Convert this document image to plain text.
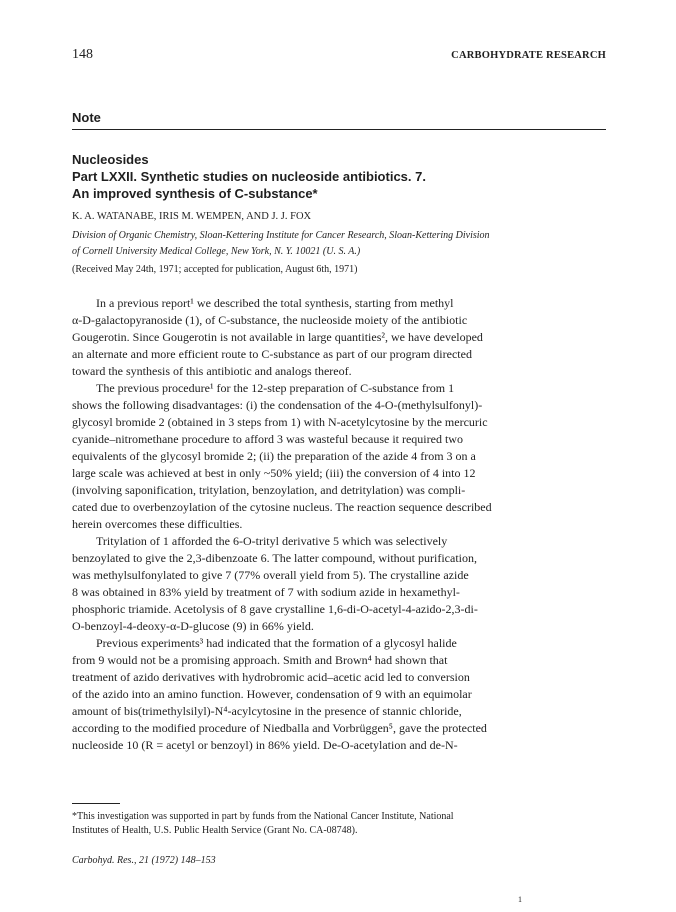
148	CARBOHYDRATE RESEARCH
Note
Nucleosides
Part LXXII. Synthetic studies on nucleoside antibiotics. 7.
An improved synthesis of C-substance*
K. A. WATANABE, IRIS M. WEMPEN, AND J. J. FOX
Division of Organic Chemistry, Sloan-Kettering Institute for Cancer Research, Sloan-Kettering Division
of Cornell University Medical College, New York, N. Y. 10021 (U. S. A.)
(Received May 24th, 1971; accepted for publication, August 6th, 1971)
In a previous report¹ we described the total synthesis, starting from methyl
α-D-galactopyranoside (1), of C-substance, the nucleoside moiety of the antibiotic
Gougerotin. Since Gougerotin is not available in large quantities², we have developed
an alternate and more efficient route to C-substance as part of our program directed
toward the synthesis of this antibiotic and analogs thereof.
The previous procedure¹ for the 12-step preparation of C-substance from 1
shows the following disadvantages: (i) the condensation of the 4-O-(methylsulfonyl)-
glycosyl bromide 2 (obtained in 3 steps from 1) with N-acetylcytosine by the mercuric
cyanide–nitromethane procedure to afford 3 was wasteful because it required two
equivalents of the glycosyl bromide 2; (ii) the preparation of the azide 4 from 3 on a
large scale was achieved at best in only ~50% yield; (iii) the conversion of 4 into 12
(involving saponification, tritylation, benzoylation, and detritylation) was compli-
cated due to overbenzoylation of the cytosine nucleus. The reaction sequence described
herein overcomes these difficulties.
Tritylation of 1 afforded the 6-O-trityl derivative 5 which was selectively
benzoylated to give the 2,3-dibenzoate 6. The latter compound, without purification,
was methylsulfonylated to give 7 (77% overall yield from 5). The crystalline azide
8 was obtained in 83% yield by treatment of 7 with sodium azide in hexamethyl-
phosphoric triamide. Acetolysis of 8 gave crystalline 1,6-di-O-acetyl-4-azido-2,3-di-
O-benzoyl-4-deoxy-α-D-glucose (9) in 66% yield.
Previous experiments³ had indicated that the formation of a glycosyl halide
from 9 would not be a promising approach. Smith and Brown⁴ had shown that
treatment of azido derivatives with hydrobromic acid–acetic acid led to conversion
of the azido into an amino function. However, condensation of 9 with an equimolar
amount of bis(trimethylsilyl)-N⁴-acylcytosine in the presence of stannic chloride,
according to the modified procedure of Niedballa and Vorbrüggen⁵, gave the protected
nucleoside 10 (R = acetyl or benzoyl) in 86% yield. De-O-acetylation and de-N-
*This investigation was supported in part by funds from the National Cancer Institute, National
Institutes of Health, U.S. Public Health Service (Grant No. CA-08748).
Carbohyd. Res., 21 (1972) 148–153
1
